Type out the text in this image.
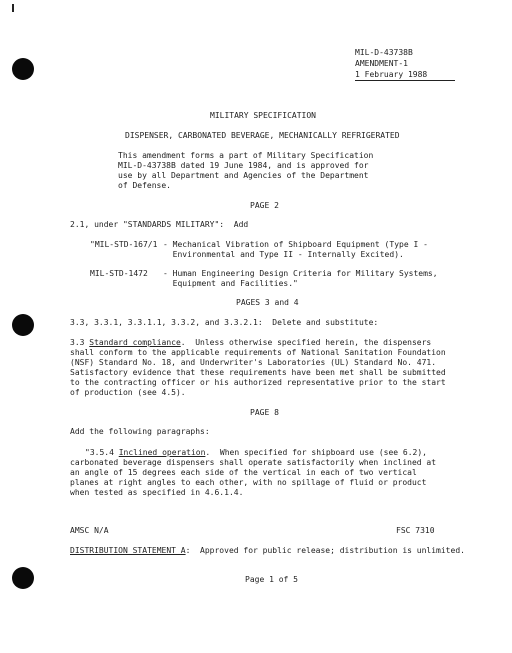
MIL-D-43738B
AMENDMENT-1
1 February 1988
MILITARY SPECIFICATION
DISPENSER, CARBONATED BEVERAGE, MECHANICALLY REFRIGERATED
This amendment forms a part of Military Specification
MIL-D-43738B dated 19 June 1984, and is approved for
use by all Department and Agencies of the Department
of Defense.
PAGE 2
2.1, under "STANDARDS MILITARY":  Add
"MIL-STD-167/1 - Mechanical Vibration of Shipboard Equipment (Type I -
Environmental and Type II - Internally Excited).
MIL-STD-1472 - Human Engineering Design Criteria for Military Systems,
Equipment and Facilities."
PAGES 3 and 4
3.3, 3.3.1, 3.3.1.1, 3.3.2, and 3.3.2.1:  Delete and substitute:
3.3 Standard compliance.  Unless otherwise specified herein, the dispensers
shall conform to the applicable requirements of National Sanitation Foundation
(NSF) Standard No. 18, and Underwriter's Laboratories (UL) Standard No. 471.
Satisfactory evidence that these requirements have been met shall be submitted
to the contracting officer or his authorized representative prior to the start
of production (see 4.5).
PAGE 8
Add the following paragraphs:
"3.5.4 Inclined operation.  When specified for shipboard use (see 6.2),
carbonated beverage dispensers shall operate satisfactorily when inclined at
an angle of 15 degrees each side of the vertical in each of two vertical
planes at right angles to each other, with no spillage of fluid or product
when tested as specified in 4.6.1.4.
AMSC N/A	FSC 7310
DISTRIBUTION STATEMENT A:  Approved for public release; distribution is unlimited.
Page 1 of 5
